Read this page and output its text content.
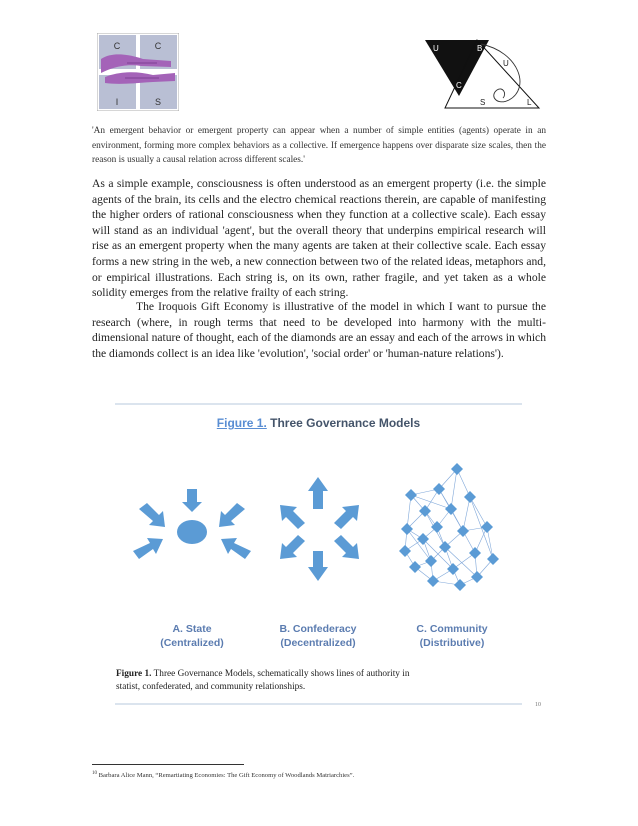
C	C
I	S
U	B
C
U
S	L
'An emergent behavior or emergent property can appear when a number of simple entities (agents) operate in an environment, forming more complex behaviors as a collective. If emergence happens over disparate size scales, then the reason is usually a causal relation across different scales.'
As a simple example, consciousness is often understood as an emergent property (i.e. the simple agents of the brain, its cells and the electro chemical reactions therein, are capable of manifesting the higher orders of rational consciousness when they function at a collective scale). Each essay will stand as an individual 'agent', but the overall theory that underpins empirical research will rise as an emergent property when the many agents are taken at their collective scale. Each essay forms a new string in the web, a new connection between two of the related ideas, metaphors and, or empirical illustrations. Each string is, on its own, rather fragile, and yet taken as a whole solidity emerges from the relative frailty of each string.
The Iroquois Gift Economy is illustrative of the model in which I want to pursue the research (where, in rough terms that need to be developed into harmony with the multi-dimensional nature of thought, each of the diamonds are an essay and each of the arrows in which the diamonds collect is an idea like 'evolution', 'social order' or 'human-nature relations').
Figure 1. Three Governance Models
A. State
(Centralized)
B. Confederacy
(Decentralized)
C. Community
(Distributive)
Figure 1. Three Governance Models, schematically shows lines of authority in statist, confederated, and community relationships.
10
$^{10}$ Barbara Alice Mann, “Remartiating Economies: The Gift Economy of Woodlands Matriarchies”.
